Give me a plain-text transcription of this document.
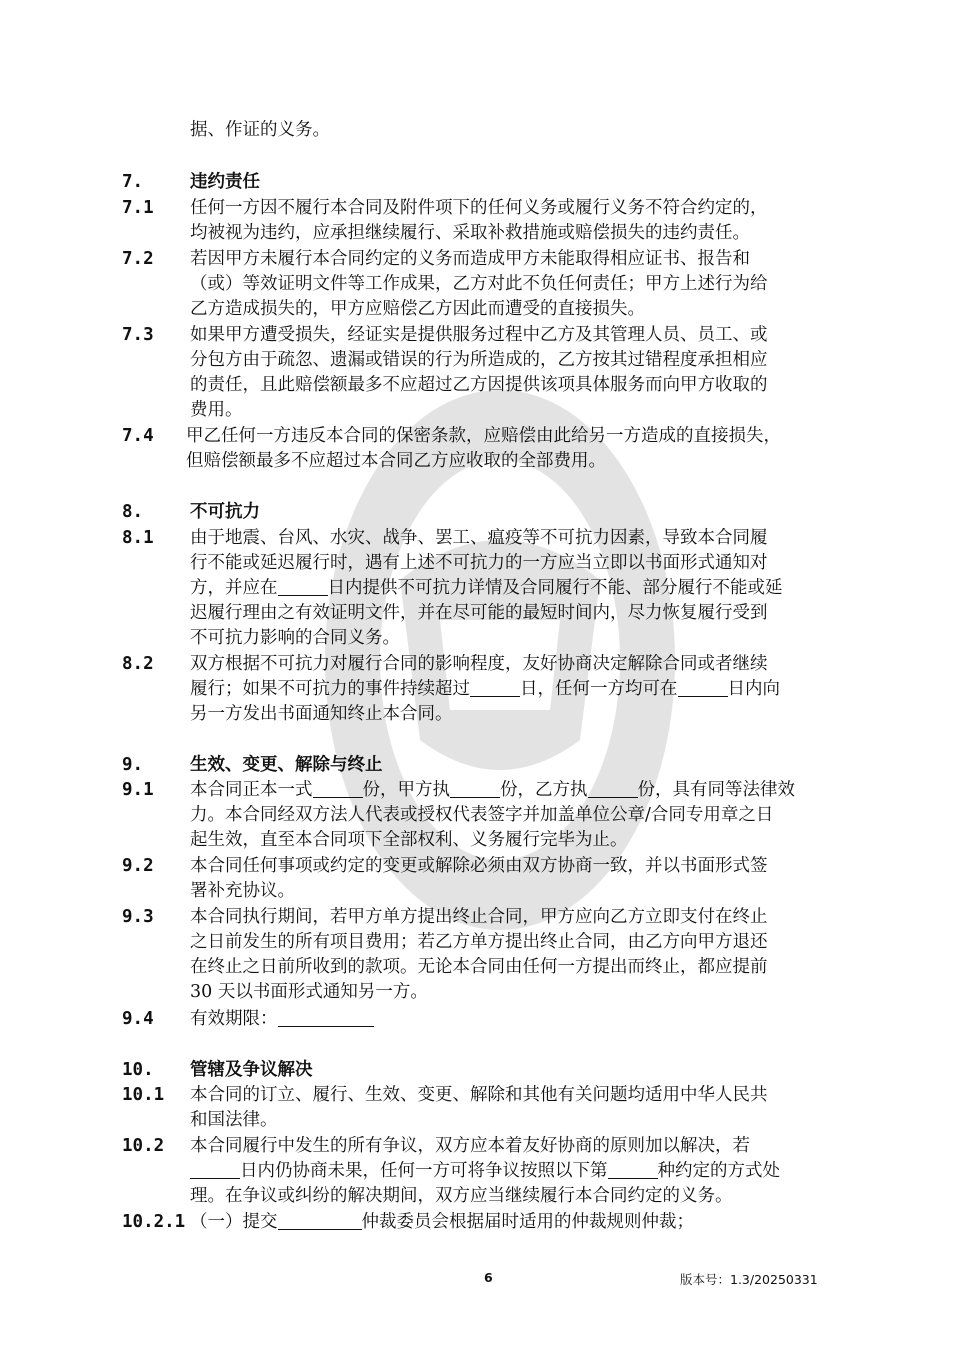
据、作证的义务。
7.	违约责任
7.1 任何一方因不履行本合同及附件项下的任何义务或履行义务不符合约定的，
均被视为违约，应承担继续履行、采取补救措施或赔偿损失的违约责任。
7.2 若因甲方未履行本合同约定的义务而造成甲方未能取得相应证书、报告和
（或）等效证明文件等工作成果，乙方对此不负任何责任；甲方上述行为给
乙方造成损失的，甲方应赔偿乙方因此而遭受的直接损失。
7.3 如果甲方遭受损失，经证实是提供服务过程中乙方及其管理人员、员工、或
分包方由于疏忽、遗漏或错误的行为所造成的，乙方按其过错程度承担相应
的责任，且此赔偿额最多不应超过乙方因提供该项具体服务而向甲方收取的
费用。
7.4 甲乙任何一方违反本合同的保密条款，应赔偿由此给另一方造成的直接损失，
但赔偿额最多不应超过本合同乙方应收取的全部费用。
8.	不可抗力
8.1 由于地震、台风、水灾、战争、罢工、瘟疫等不可抗力因素，导致本合同履
行不能或延迟履行时，遇有上述不可抗力的一方应当立即以书面形式通知对
方，并应在	日内提供不可抗力详情及合同履行不能、部分履行不能或延
迟履行理由之有效证明文件，并在尽可能的最短时间内，尽力恢复履行受到
不可抗力影响的合同义务。
8.2 双方根据不可抗力对履行合同的影响程度，友好协商决定解除合同或者继续
履行；如果不可抗力的事件持续超过	日，任何一方均可在	日内向
另一方发出书面通知终止本合同。
9.	生效、变更、解除与终止
9.1 本合同正本一式	份，甲方执	份，乙方执	份，具有同等法律效
力。本合同经双方法人代表或授权代表签字并加盖单位公章/合同专用章之日
起生效，直至本合同项下全部权利、义务履行完毕为止。
9.2 本合同任何事项或约定的变更或解除必须由双方协商一致，并以书面形式签
署补充协议。
9.3 本合同执行期间，若甲方单方提出终止合同，甲方应向乙方立即支付在终止
之日前发生的所有项目费用；若乙方单方提出终止合同，由乙方向甲方退还
在终止之日前所收到的款项。无论本合同由任何一方提出而终止，都应提前
30 天以书面形式通知另一方。
9.4 有效期限：
10. 管辖及争议解决
10.1 本合同的订立、履行、生效、变更、解除和其他有关问题均适用中华人民共
和国法律。
10.2 本合同履行中发生的所有争议，双方应本着友好协商的原则加以解决，若
日内仍协商未果，任何一方可将争议按照以下第	种约定的方式处
理。在争议或纠纷的解决期间，双方应当继续履行本合同约定的义务。
10.2.1 （一）提交	仲裁委员会根据届时适用的仲裁规则仲裁；
6	版本号：1.3/20250331
